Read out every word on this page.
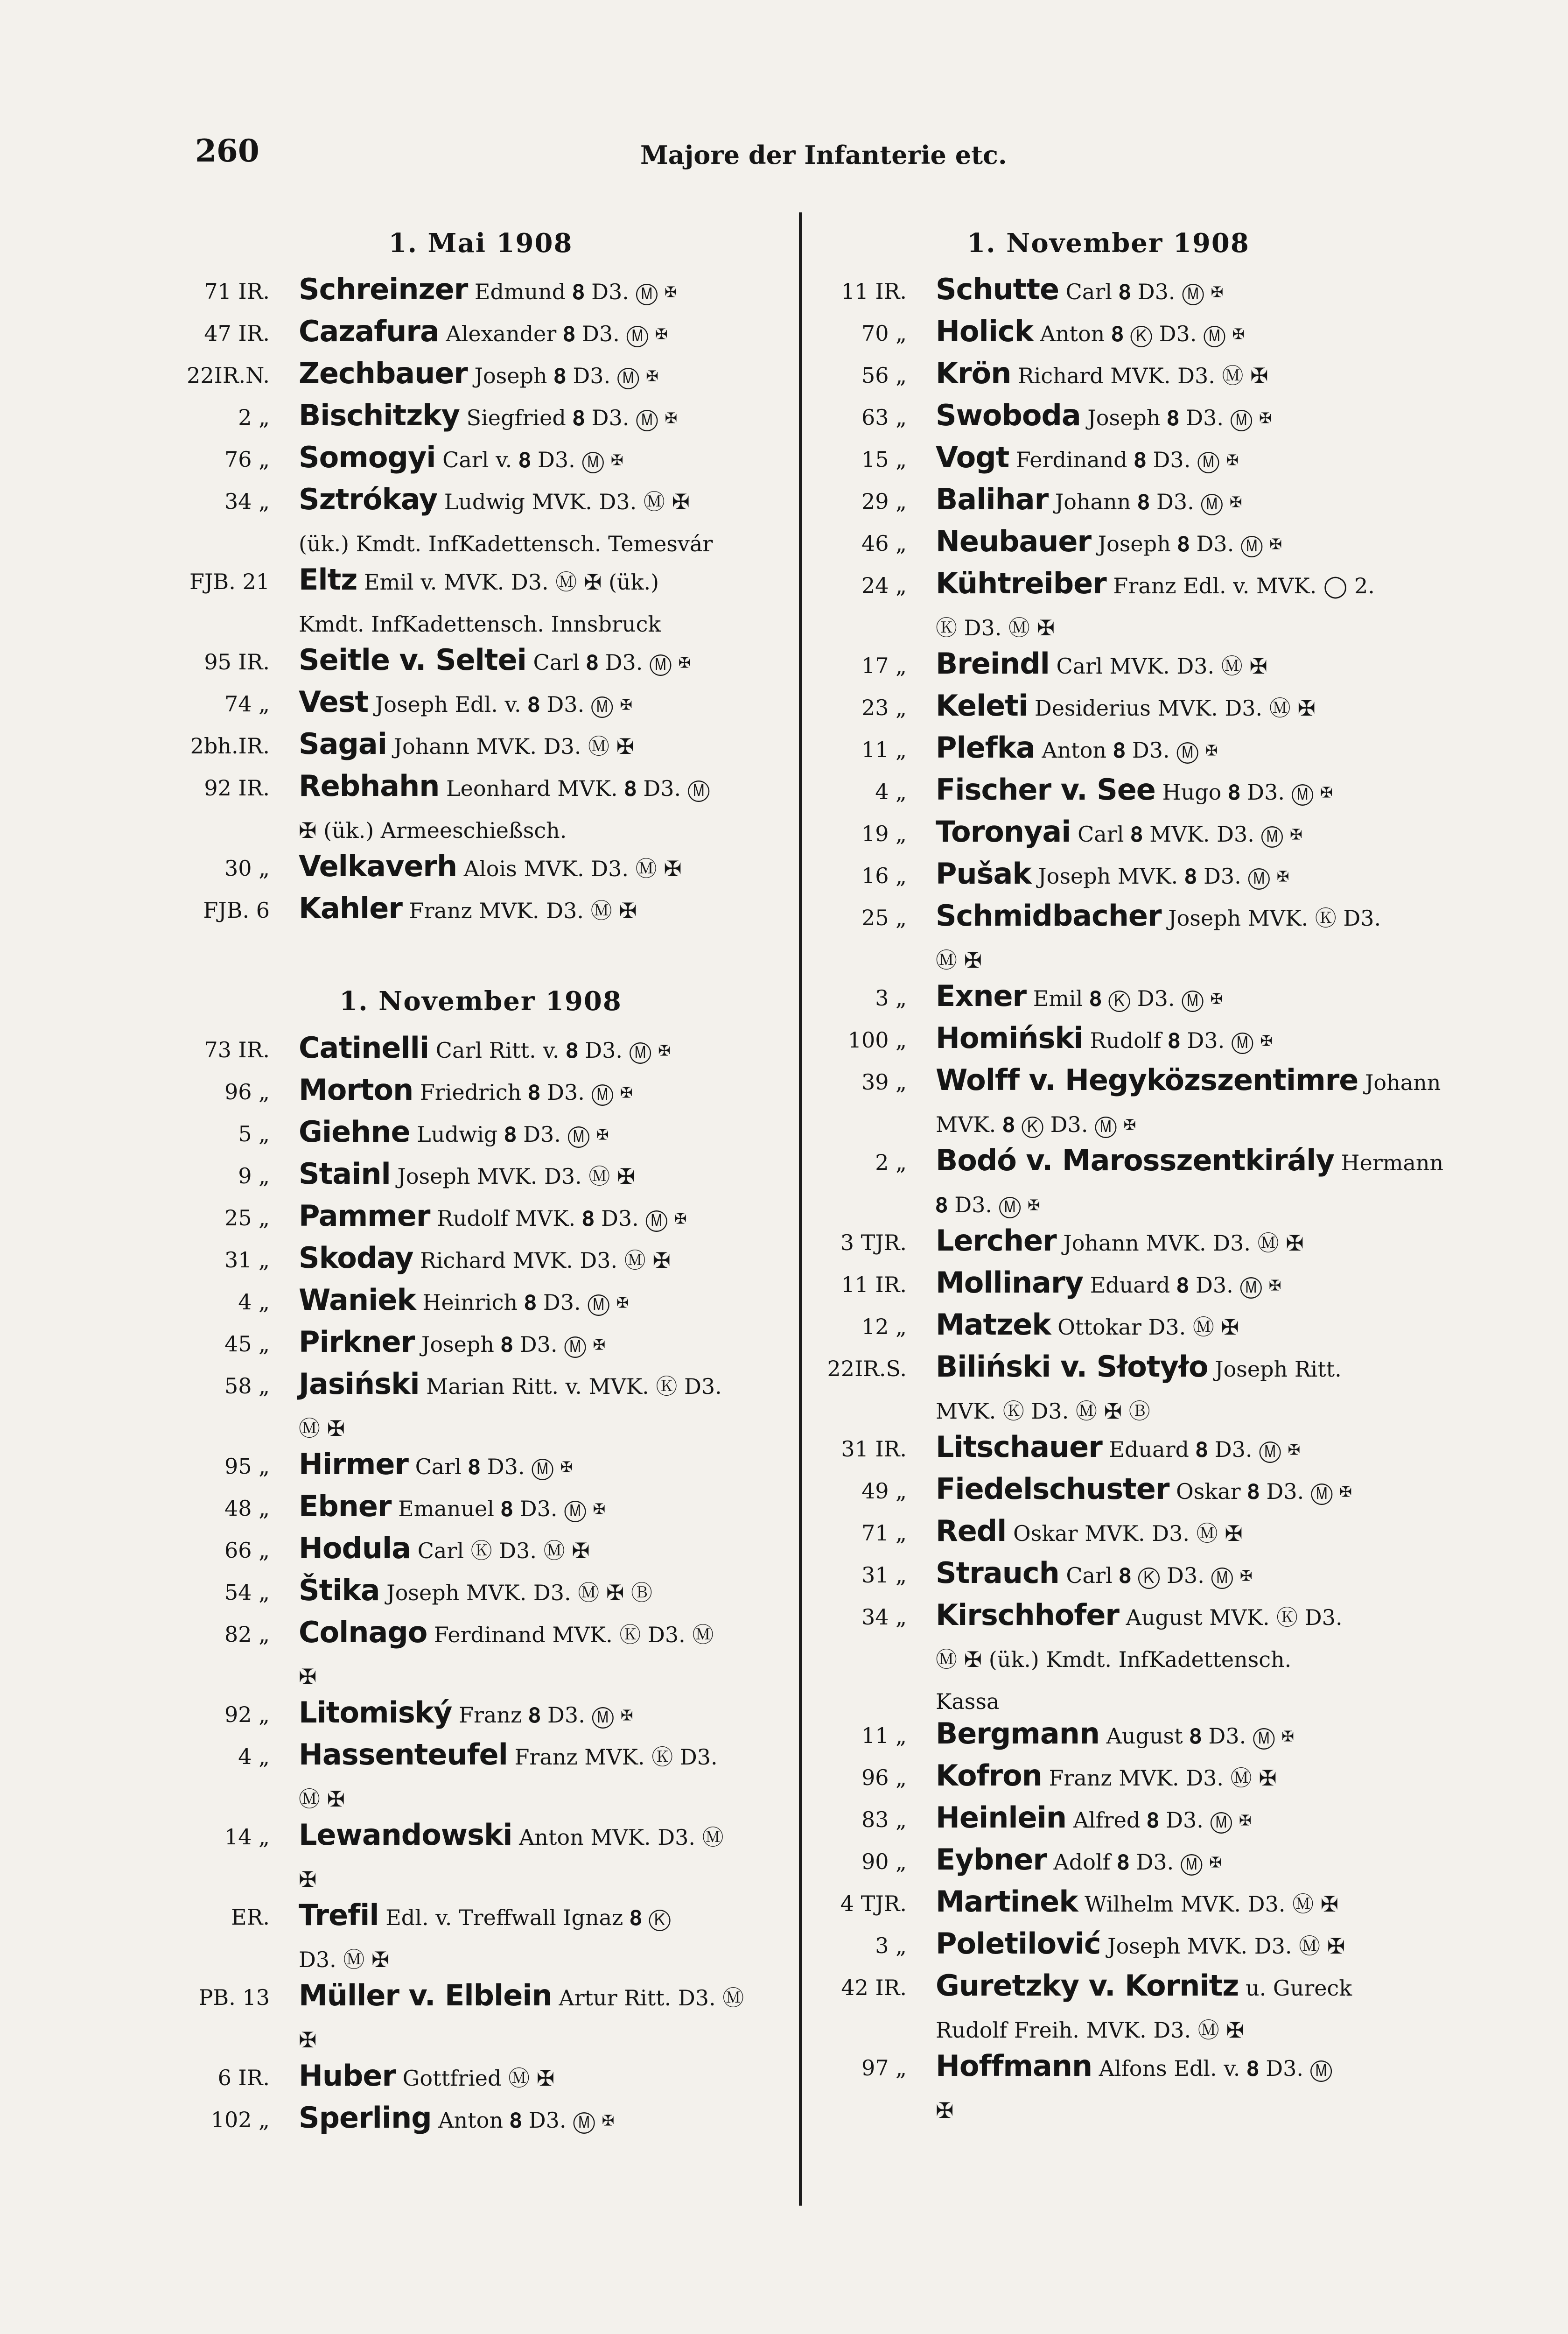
260	Majore der Infanterie etc.
1. Mai 1908
1. November 1908
71 IR. Schreinzer Edmund 𝟖 D3. Ⓜ ✠
47 IR. Cazafura Alexander 𝟖 D3. Ⓜ ✠
22IR.N. Zechbauer Joseph 𝟖 D3. Ⓜ ✠
2 „ Bischitzky Siegfried 𝟖 D3. Ⓜ ✠
76 „ Somogyi Carl v. 𝟖 D3. Ⓜ ✠
34 „ Sztrókay Ludwig MVK. D3. Ⓜ ✠
(ük.) Kmdt. InfKadettensch. Temesvár
FJB. 21 Eltz Emil v. MVK. D3. Ⓜ ✠ (ük.)
Kmdt. InfKadettensch. Innsbruck
95 IR. Seitle v. Seltei Carl 𝟖 D3. Ⓜ ✠
74 „ Vest Joseph Edl. v. 𝟖 D3. Ⓜ ✠
2bh.IR. Sagai Johann MVK. D3. Ⓜ ✠
92 IR. Rebhahn Leonhard MVK. 𝟖 D3. Ⓜ
✠ (ük.) Armeeschießsch.
30 „ Velkaverh Alois MVK. D3. Ⓜ ✠
FJB. 6 Kahler Franz MVK. D3. Ⓜ ✠
73 IR. Catinelli Carl Ritt. v. 𝟖 D3. Ⓜ ✠
96 „ Morton Friedrich 𝟖 D3. Ⓜ ✠
5 „ Giehne Ludwig 𝟖 D3. Ⓜ ✠
9 „ Stainl Joseph MVK. D3. Ⓜ ✠
25 „ Pammer Rudolf MVK. 𝟖 D3. Ⓜ ✠
31 „ Skoday Richard MVK. D3. Ⓜ ✠
4 „ Waniek Heinrich 𝟖 D3. Ⓜ ✠
45 „ Pirkner Joseph 𝟖 D3. Ⓜ ✠
58 „ Jasiński Marian Ritt. v. MVK. Ⓚ D3.
Ⓜ ✠
95 „ Hirmer Carl 𝟖 D3. Ⓜ ✠
48 „ Ebner Emanuel 𝟖 D3. Ⓜ ✠
66 „ Hodula Carl Ⓚ D3. Ⓜ ✠
54 „ Štika Joseph MVK. D3. Ⓜ ✠ Ⓑ
82 „ Colnago Ferdinand MVK. Ⓚ D3. Ⓜ
✠
92 „ Litomiský Franz 𝟖 D3. Ⓜ ✠
4 „ Hassenteufel Franz MVK. Ⓚ D3.
Ⓜ ✠
14 „ Lewandowski Anton MVK. D3. Ⓜ
✠
ER. Trefil Edl. v. Treffwall Ignaz 𝟖 Ⓚ
D3. Ⓜ ✠
PB. 13 Müller v. Elblein Artur Ritt. D3. Ⓜ
✠
6 IR. Huber Gottfried Ⓜ ✠
102 „ Sperling Anton 𝟖 D3. Ⓜ ✠
1. November 1908
11 IR. Schutte Carl 𝟖 D3. Ⓜ ✠
70 „ Holick Anton 𝟖 Ⓚ D3. Ⓜ ✠
56 „ Krön Richard MVK. D3. Ⓜ ✠
63 „ Swoboda Joseph 𝟖 D3. Ⓜ ✠
15 „ Vogt Ferdinand 𝟖 D3. Ⓜ ✠
29 „ Balihar Johann 𝟖 D3. Ⓜ ✠
46 „ Neubauer Joseph 𝟖 D3. Ⓜ ✠
24 „ Kühtreiber Franz Edl. v. MVK. ◯ 2.
Ⓚ D3. Ⓜ ✠
17 „ Breindl Carl MVK. D3. Ⓜ ✠
23 „ Keleti Desiderius MVK. D3. Ⓜ ✠
11 „ Plefka Anton 𝟖 D3. Ⓜ ✠
4 „ Fischer v. See Hugo 𝟖 D3. Ⓜ ✠
19 „ Toronyai Carl 𝟖 MVK. D3. Ⓜ ✠
16 „ Pušak Joseph MVK. 𝟖 D3. Ⓜ ✠
25 „ Schmidbacher Joseph MVK. Ⓚ D3.
Ⓜ ✠
3 „ Exner Emil 𝟖 Ⓚ D3. Ⓜ ✠
100 „ Homiński Rudolf 𝟖 D3. Ⓜ ✠
39 „ Wolff v. Hegyközszentimre Johann
MVK. 𝟖 Ⓚ D3. Ⓜ ✠
2 „ Bodó v. Marosszentkirály Hermann
𝟖 D3. Ⓜ ✠
3 TJR. Lercher Johann MVK. D3. Ⓜ ✠
11 IR. Mollinary Eduard 𝟖 D3. Ⓜ ✠
12 „ Matzek Ottokar D3. Ⓜ ✠
22IR.S. Biliński v. Słotyło Joseph Ritt.
MVK. Ⓚ D3. Ⓜ ✠ Ⓑ
31 IR. Litschauer Eduard 𝟖 D3. Ⓜ ✠
49 „ Fiedelschuster Oskar 𝟖 D3. Ⓜ ✠
71 „ Redl Oskar MVK. D3. Ⓜ ✠
31 „ Strauch Carl 𝟖 Ⓚ D3. Ⓜ ✠
34 „ Kirschhofer August MVK. Ⓚ D3.
Ⓜ ✠ (ük.) Kmdt. InfKadettensch.
Kassa
11 „ Bergmann August 𝟖 D3. Ⓜ ✠
96 „ Kofron Franz MVK. D3. Ⓜ ✠
83 „ Heinlein Alfred 𝟖 D3. Ⓜ ✠
90 „ Eybner Adolf 𝟖 D3. Ⓜ ✠
4 TJR. Martinek Wilhelm MVK. D3. Ⓜ ✠
3 „ Poletilović Joseph MVK. D3. Ⓜ ✠
42 IR. Guretzky v. Kornitz u. Gureck
Rudolf Freih. MVK. D3. Ⓜ ✠
97 „ Hoffmann Alfons Edl. v. 𝟖 D3. Ⓜ
✠
